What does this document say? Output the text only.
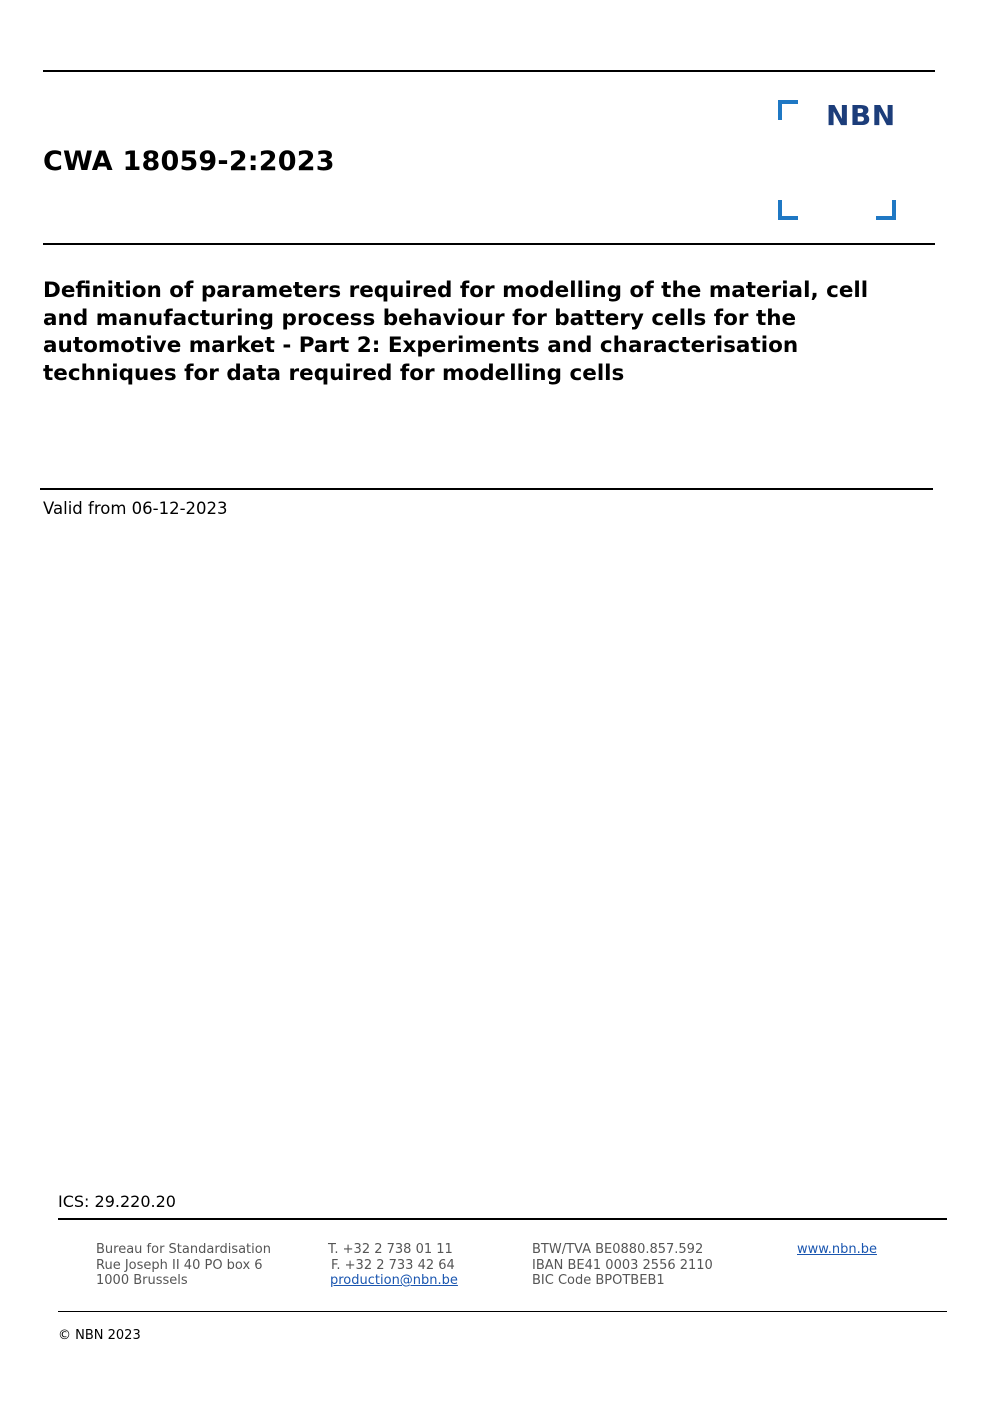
CWA 18059-2:2023
NBN
Definition of parameters required for modelling of the material, cell and manufacturing process behaviour for battery cells for the automotive market - Part 2: Experiments and characterisation techniques for data required for modelling cells
Valid from 06-12-2023
ICS: 29.220.20
Bureau for Standardisation
Rue Joseph II 40 PO box 6
1000 Brussels
T. +32 2 738 01 11
F. +32 2 733 42 64
production@nbn.be
BTW/TVA BE0880.857.592
IBAN BE41 0003 2556 2110
BIC Code BPOTBEB1
www.nbn.be
© NBN 2023
